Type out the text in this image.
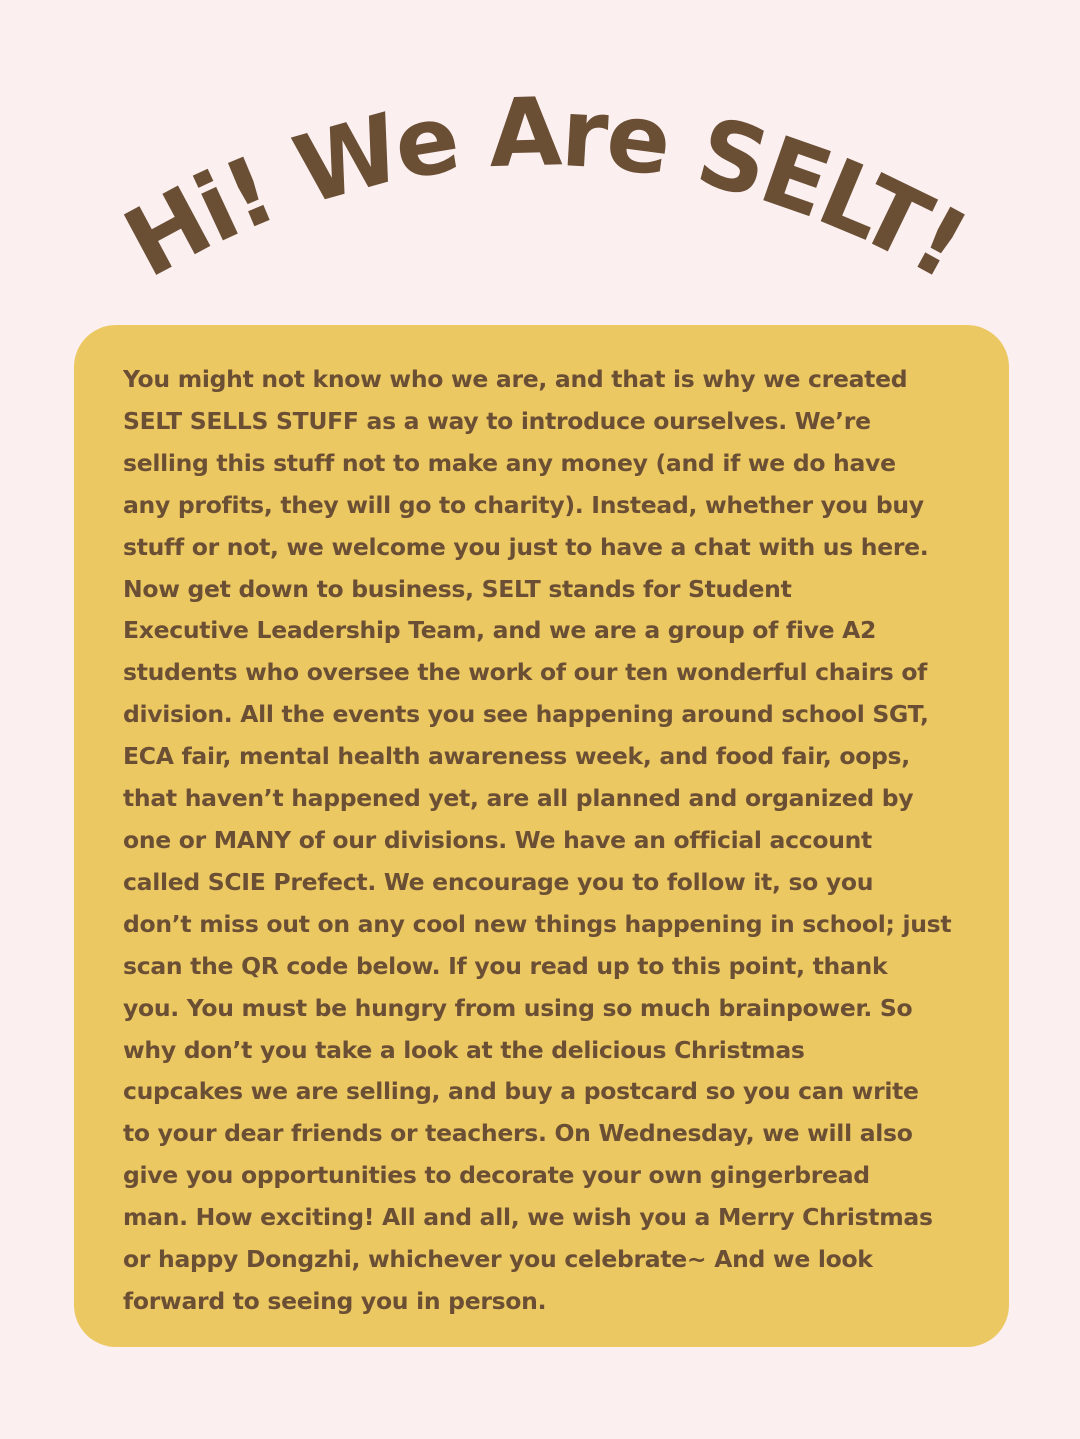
Hi! We Are SELT!

You might not know who we are, and that is why we created
SELT SELLS STUFF as a way to introduce ourselves. We’re
selling this stuff not to make any money (and if we do have
any profits, they will go to charity). Instead, whether you buy
stuff or not, we welcome you just to have a chat with us here.
Now get down to business, SELT stands for Student
Executive Leadership Team, and we are a group of five A2
students who oversee the work of our ten wonderful chairs of
division. All the events you see happening around school SGT,
ECA fair, mental health awareness week, and food fair, oops,
that haven’t happened yet, are all planned and organized by
one or MANY of our divisions. We have an official account
called SCIE Prefect. We encourage you to follow it, so you
don’t miss out on any cool new things happening in school; just
scan the QR code below. If you read up to this point, thank
you. You must be hungry from using so much brainpower. So
why don’t you take a look at the delicious Christmas
cupcakes we are selling, and buy a postcard so you can write
to your dear friends or teachers. On Wednesday, we will also
give you opportunities to decorate your own gingerbread
man. How exciting! All and all, we wish you a Merry Christmas
or happy Dongzhi, whichever you celebrate~ And we look
forward to seeing you in person.
